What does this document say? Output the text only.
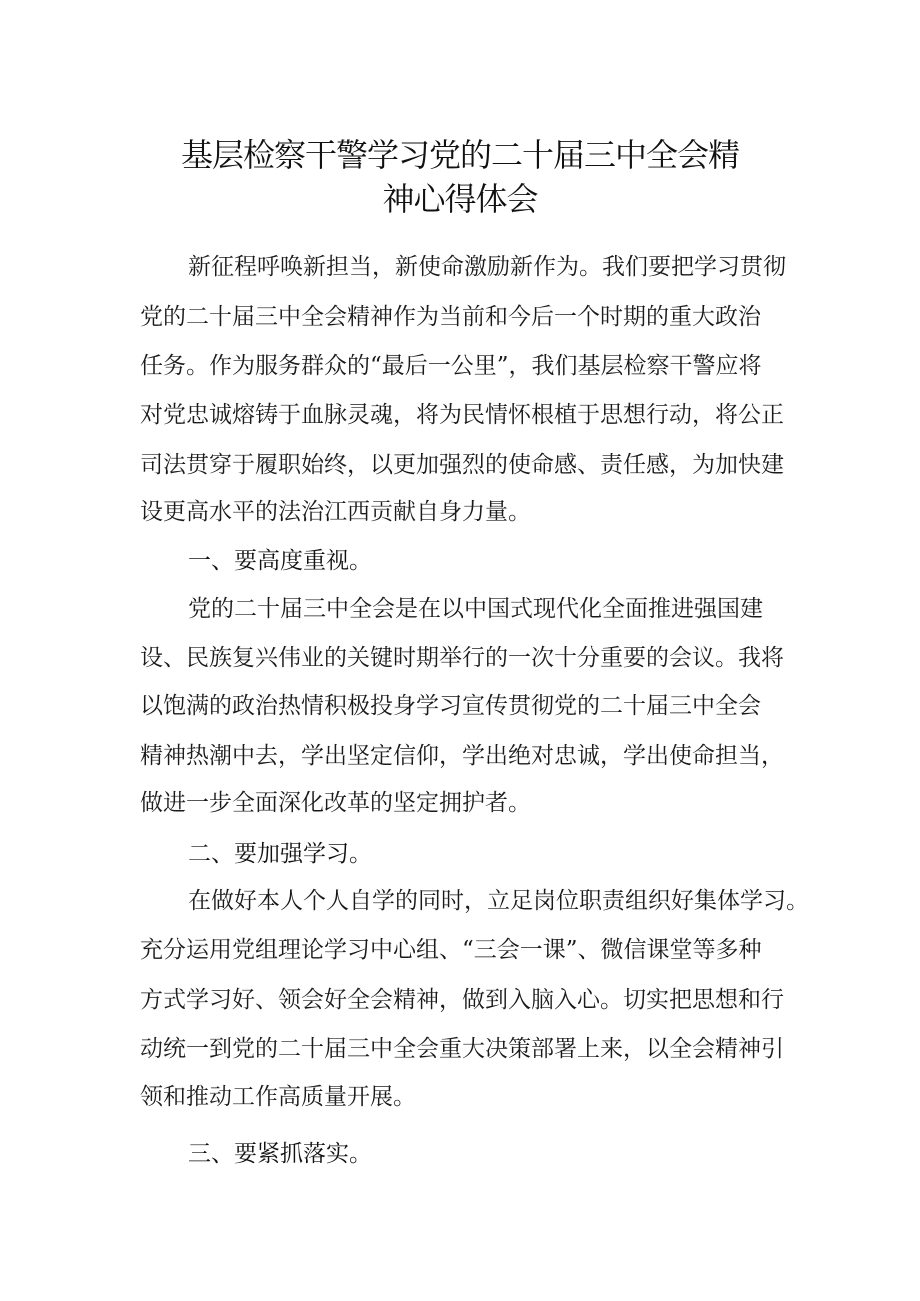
基层检察干警学习党的二十届三中全会精
神心得体会
新征程呼唤新担当，新使命激励新作为。我们要把学习贯彻
党的二十届三中全会精神作为当前和今后一个时期的重大政治
任务。作为服务群众的“最后一公里”，我们基层检察干警应将
对党忠诚熔铸于血脉灵魂，将为民情怀根植于思想行动，将公正
司法贯穿于履职始终，以更加强烈的使命感、责任感，为加快建
设更高水平的法治江西贡献自身力量。
一、要高度重视。
党的二十届三中全会是在以中国式现代化全面推进强国建
设、民族复兴伟业的关键时期举行的一次十分重要的会议。我将
以饱满的政治热情积极投身学习宣传贯彻党的二十届三中全会
精神热潮中去，学出坚定信仰，学出绝对忠诚，学出使命担当，
做进一步全面深化改革的坚定拥护者。
二、要加强学习。
在做好本人个人自学的同时，立足岗位职责组织好集体学习。
充分运用党组理论学习中心组、“三会一课”、微信课堂等多种
方式学习好、领会好全会精神，做到入脑入心。切实把思想和行
动统一到党的二十届三中全会重大决策部署上来，以全会精神引
领和推动工作高质量开展。
三、要紧抓落实。
